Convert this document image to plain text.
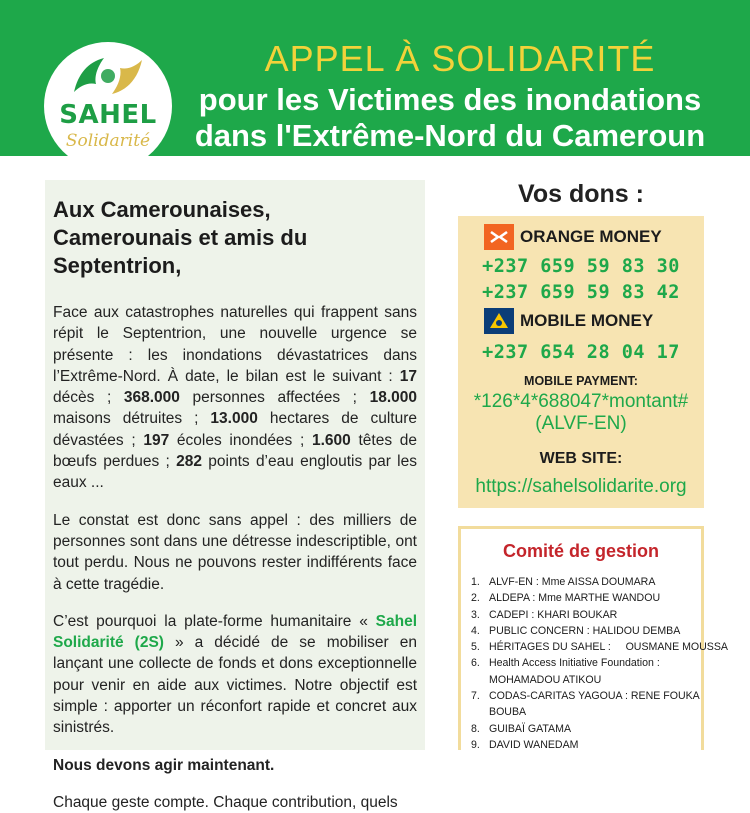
SAHEL
Solidarité
APPEL À SOLIDARITÉ
pour les Victimes des inondations
dans l'Extrême-Nord du Cameroun
Aux Camerounaises, Camerounais et amis du Septentrion,

Face aux catastrophes naturelles qui frappent sans répit le Septentrion, une nouvelle urgence se présente : les inondations dévastatrices dans l’Extrême-Nord. À date, le bilan est le suivant : 17 décès ; 368.000 personnes affectées ; 18.000 maisons détruites ; 13.000 hectares de culture dévastées ; 197 écoles inondées ; 1.600 têtes de bœufs perdues ; 282 points d’eau engloutis par les eaux ...

Le constat est donc sans appel : des milliers de personnes sont dans une détresse indescriptible, ont tout perdu. Nous ne pouvons rester indifférents face à cette tragédie.

C’est pourquoi la plate-forme humanitaire « Sahel Solidarité (2S) » a décidé de se mobiliser en lançant une collecte de fonds et dons exceptionnelle pour venir en aide aux victimes. Notre objectif est simple : apporter un réconfort rapide et concret aux sinistrés.

Nous devons agir maintenant.

Chaque geste compte. Chaque contribution, quels

Vos dons :
ORANGE MONEY
+237 659 59 83 30
+237 659 59 83 42
MOBILE MONEY
+237 654 28 04 17
MOBILE PAYMENT:
*126*4*688047*montant#
(ALVF-EN)
WEB SITE:
https://sahelsolidarite.org
Comité de gestion
1. ALVF-EN : Mme AISSA DOUMARA
2. ALDEPA : Mme MARTHE WANDOU
3. CADEPI : KHARI BOUKAR
4. PUBLIC CONCERN : HALIDOU DEMBA
5. HÉRITAGES DU SAHEL :     OUSMANE MOUSSA
6. Health Access Initiative Foundation : MOHAMADOU ATIKOU
7. CODAS-CARITAS YAGOUA : RENE FOUKA BOUBA
8. GUIBAÏ GATAMA
9. DAVID WANEDAM
